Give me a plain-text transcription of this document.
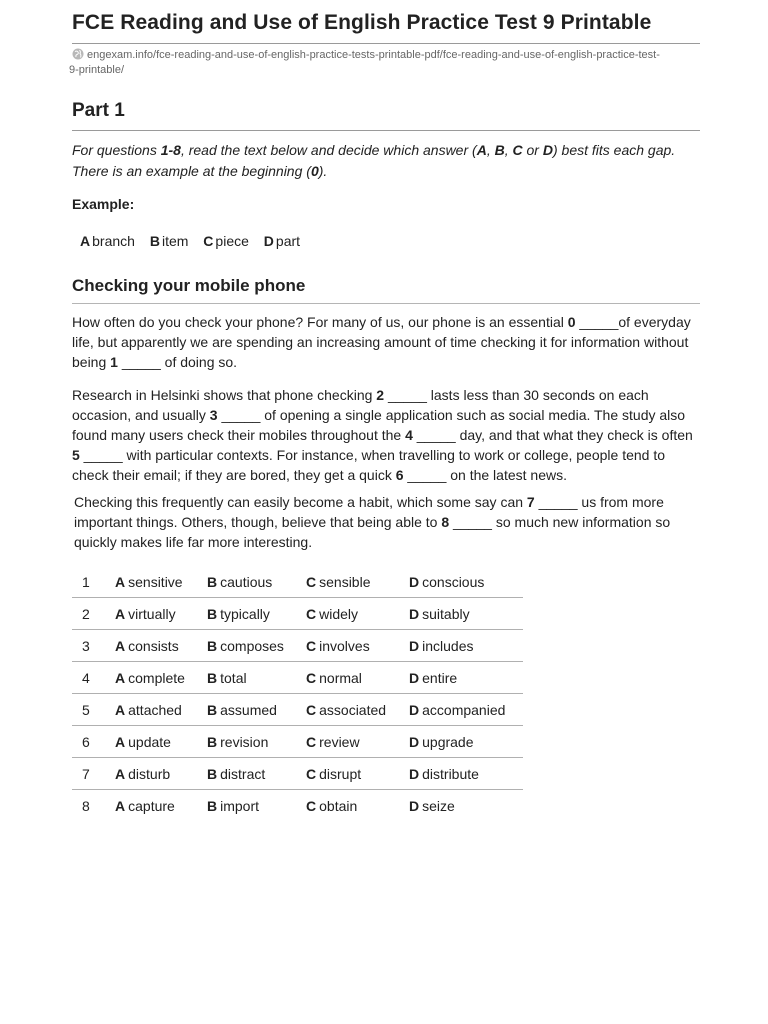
FCE Reading and Use of English Practice Test 9 Printable
engexam.info/fce-reading-and-use-of-english-practice-tests-printable-pdf/fce-reading-and-use-of-english-practice-test-
9-printable/
Part 1
For questions 1-8, read the text below and decide which answer (A, B, C or D) best fits each gap. There is an example at the beginning (0).
Example:
A branch B item C piece D part
Checking your mobile phone

How often do you check your phone? For many of us, our phone is an essential 0 _____of everyday life, but apparently we are spending an increasing amount of time checking it for information without being 1 _____ of doing so.

Research in Helsinki shows that phone checking 2 _____ lasts less than 30 seconds on each occasion, and usually 3 _____ of opening a single application such as social media. The study also found many users check their mobiles throughout the 4 _____ day, and that what they check is often 5 _____ with particular contexts. For instance, when travelling to work or college, people tend to check their email; if they are bored, they get a quick 6 _____ on the latest news.

Checking this frequently can easily become a habit, which some say can 7 _____ us from more important things. Others, though, believe that being able to 8 _____ so much new information so quickly makes life far more interesting.

1	A sensitive	B cautious	C sensible	D conscious
2	A virtually	B typically	C widely	D suitably
3	A consists	B composes	C involves	D includes
4	A complete	B total	C normal	D entire
5	A attached	B assumed	C associated	D accompanied
6	A update	B revision	C review	D upgrade
7	A disturb	B distract	C disrupt	D distribute
8	A capture	B import	C obtain	D seize
